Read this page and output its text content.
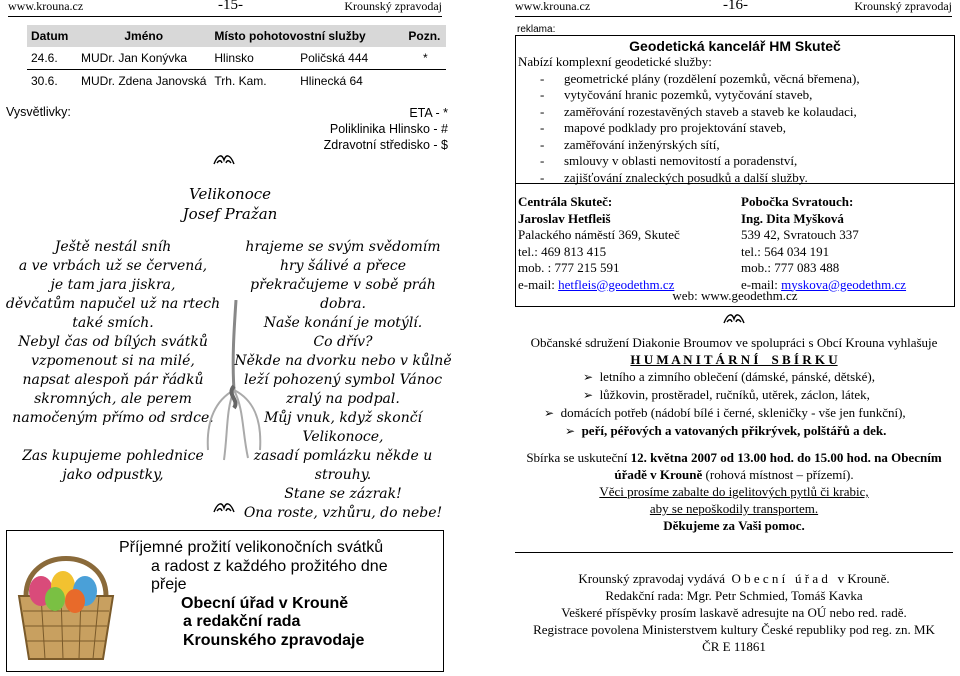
www.krouna.cz	-15-	Krounský zpravodaj
Datum	Jméno	Místo pohotovostní služby		Pozn.
24.6.	MUDr. Jan Konývka	Hlinsko	Poličská 444	*
30.6.	MUDr. Zdena Janovská	Trh. Kam.	Hlinecká 64	
Vysvětlivky:	ETA - *
Poliklinika Hlinsko - #
Zdravotní středisko - $
Velikonoce
Josef Pražan
Ještě nestál sníh
a ve vrbách už se červená,
je tam jara jiskra,
děvčatům napučel už na rtech
také smích.
Nebyl čas od bílých svátků
vzpomenout si na milé,
napsat alespoň pár řádků
skromných, ale perem
namočeným přímo od srdce.
Zas kupujeme pohlednice
jako odpustky,
hrajeme se svým svědomím
hry šálivé a přece
překračujeme v sobě práh dobra.
Naše konání je motýlí.
Co dřív?
Někde na dvorku nebo v kůlně
leží pohozený symbol Vánoc
zralý na podpal.
Můj vnuk, když skončí Velikonoce,
zasadí pomlázku někde u strouhy.
Stane se zázrak!
Ona roste, vzhůru, do nebe!
Příjemné prožití velikonočních svátků
a radost z každého prožitého dne
přeje
Obecní úřad v Krouně
a redakční rada
Krounského zpravodaje
www.krouna.cz	-16-	Krounský zpravodaj
reklama:
Geodetická kancelář HM Skuteč
Nabízí komplexní geodetické služby:
- geometrické plány (rozdělení pozemků, věcná břemena),
- vytyčování hranic pozemků, vytyčování staveb,
- zaměřování rozestavěných staveb a staveb ke kolaudaci,
- mapové podklady pro projektování staveb,
- zaměřování inženýrských sítí,
- smlouvy v oblasti nemovitostí a poradenství,
- zajišťování znaleckých posudků a další služby.
Centrála Skuteč:
Jaroslav Hetfleiš
Palackého náměstí 369, Skuteč
tel.: 469 813 415
mob. : 777 215 591
e-mail: hetfleis@geodethm.cz
Pobočka Svratouch:
Ing. Dita Myšková
539 42, Svratouch 337
tel.: 564 034 191
mob.: 777 083 488
e-mail: myskova@geodethm.cz
web: www.geodethm.cz
Občanské sdružení Diakonie Broumov ve spolupráci s Obcí Krouna vyhlašuje
H U M A N I T Á R N Í    S B Í R K U
➢ letního a zimního oblečení (dámské, pánské, dětské),
➢ lůžkovin, prostěradel, ručníků, utěrek, záclon, látek,
➢ domácích potřeb (nádobí bílé i černé, skleničky - vše jen funkční),
➢ peří, péřových a vatovaných přikrývek, polštářů a dek.
Sbírka se uskuteční 12. května 2007 od 13.00 hod. do 15.00 hod. na Obecním úřadě v Krouně (rohová místnost – přízemí).
Věci prosíme zabalte do igelitových pytlů či krabic,
aby se nepoškodily transportem.
Děkujeme za Vaši pomoc.
Krounský zpravodaj vydává  O b e c n í   ú ř a d   v Krouně.
Redakční rada: Mgr. Petr Schmied, Tomáš Kavka
Veškeré příspěvky prosím laskavě adresujte na OÚ nebo red. radě.
Registrace povolena Ministerstvem kultury České republiky pod reg. zn. MK
ČR E 11861
